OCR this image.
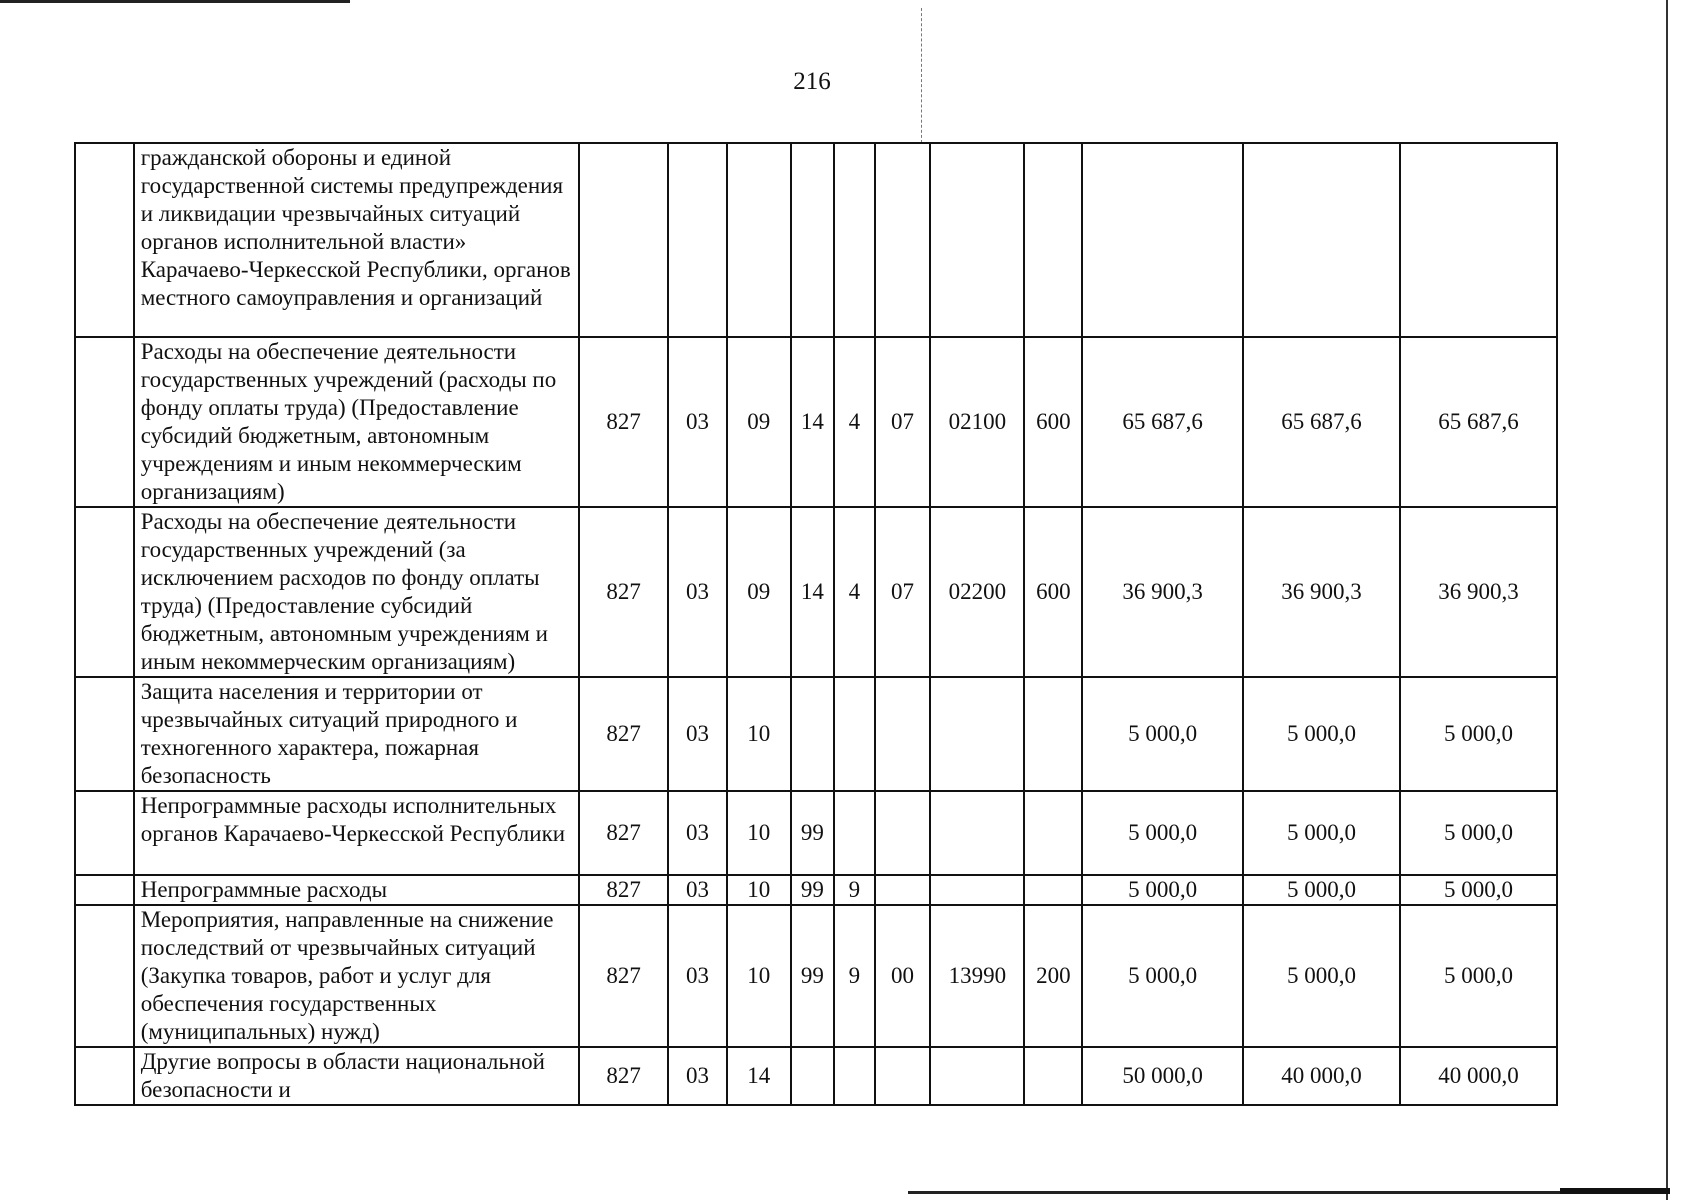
216
	гражданской обороны и единой государственной системы предупреждения и ликвидации чрезвычайных ситуаций органов исполнительной власти» Карачаево-Черкесской Республики, органов местного самоуправления и организаций											
	Расходы на обеспечение деятельности государственных учреждений (расходы по фонду оплаты труда) (Предоставление субсидий бюджетным, автономным учреждениям и иным некоммерческим организациям)	827	03	09	14	4	07	02100	600	65 687,6	65 687,6	65 687,6
	Расходы на обеспечение деятельности государственных учреждений (за исключением расходов по фонду оплаты труда) (Предоставление субсидий бюджетным, автономным учреждениям и иным некоммерческим организациям)	827	03	09	14	4	07	02200	600	36 900,3	36 900,3	36 900,3
	Защита населения и территории от чрезвычайных ситуаций природного и техногенного характера, пожарная безопасность	827	03	10						5 000,0	5 000,0	5 000,0
	Непрограммные расходы исполнительных органов Карачаево-Черкесской Республики	827	03	10	99					5 000,0	5 000,0	5 000,0
	Непрограммные расходы	827	03	10	99	9				5 000,0	5 000,0	5 000,0
	Мероприятия, направленные на снижение последствий от чрезвычайных ситуаций (Закупка товаров, работ и услуг для обеспечения государственных (муниципальных) нужд)	827	03	10	99	9	00	13990	200	5 000,0	5 000,0	5 000,0
	Другие вопросы в области национальной безопасности и	827	03	14						50 000,0	40 000,0	40 000,0
